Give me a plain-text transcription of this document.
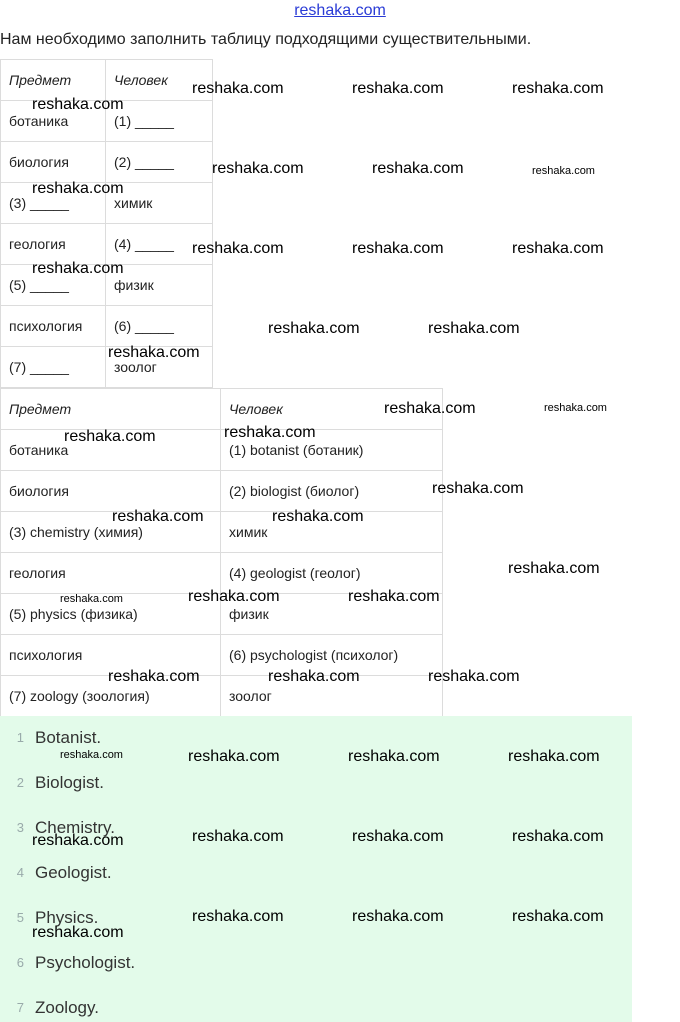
reshaka.com
Нам необходимо заполнить таблицу подходящими существительными.
Предмет	Человек
ботаника	(1) _____
биология	(2) _____
(3) _____	химик
геология	(4) _____
(5) _____	физик
психология	(6) _____
(7) _____	зоолог
Предмет	Человек
ботаника	(1) botanist (ботаник)
биология	(2) biologist (биолог)
(3) chemistry (химия)	химик
геология	(4) geologist (геолог)
(5) physics (физика)	физик
психология	(6) psychologist (психолог)
(7) zoology (зоология)	зоолог
1 Botanist.
2 Biologist.
3 Chemistry.
4 Geologist.
5 Physics.
6 Psychologist.
7 Zoology.
reshaka.com
reshaka.com	reshaka.com	reshaka.com
reshaka.com	reshaka.com	reshaka.com
reshaka.com
reshaka.com	reshaka.com	reshaka.com
reshaka.com
reshaka.com	reshaka.com
reshaka.com
reshaka.com	reshaka.com
reshaka.com	reshaka.com
reshaka.com
reshaka.com	reshaka.com
reshaka.com
reshaka.com	reshaka.com	reshaka.com
reshaka.com	reshaka.com	reshaka.com
reshaka.com	reshaka.com	reshaka.com	reshaka.com
reshaka.com	reshaka.com	reshaka.com	reshaka.com
reshaka.com	reshaka.com	reshaka.com
reshaka.com
